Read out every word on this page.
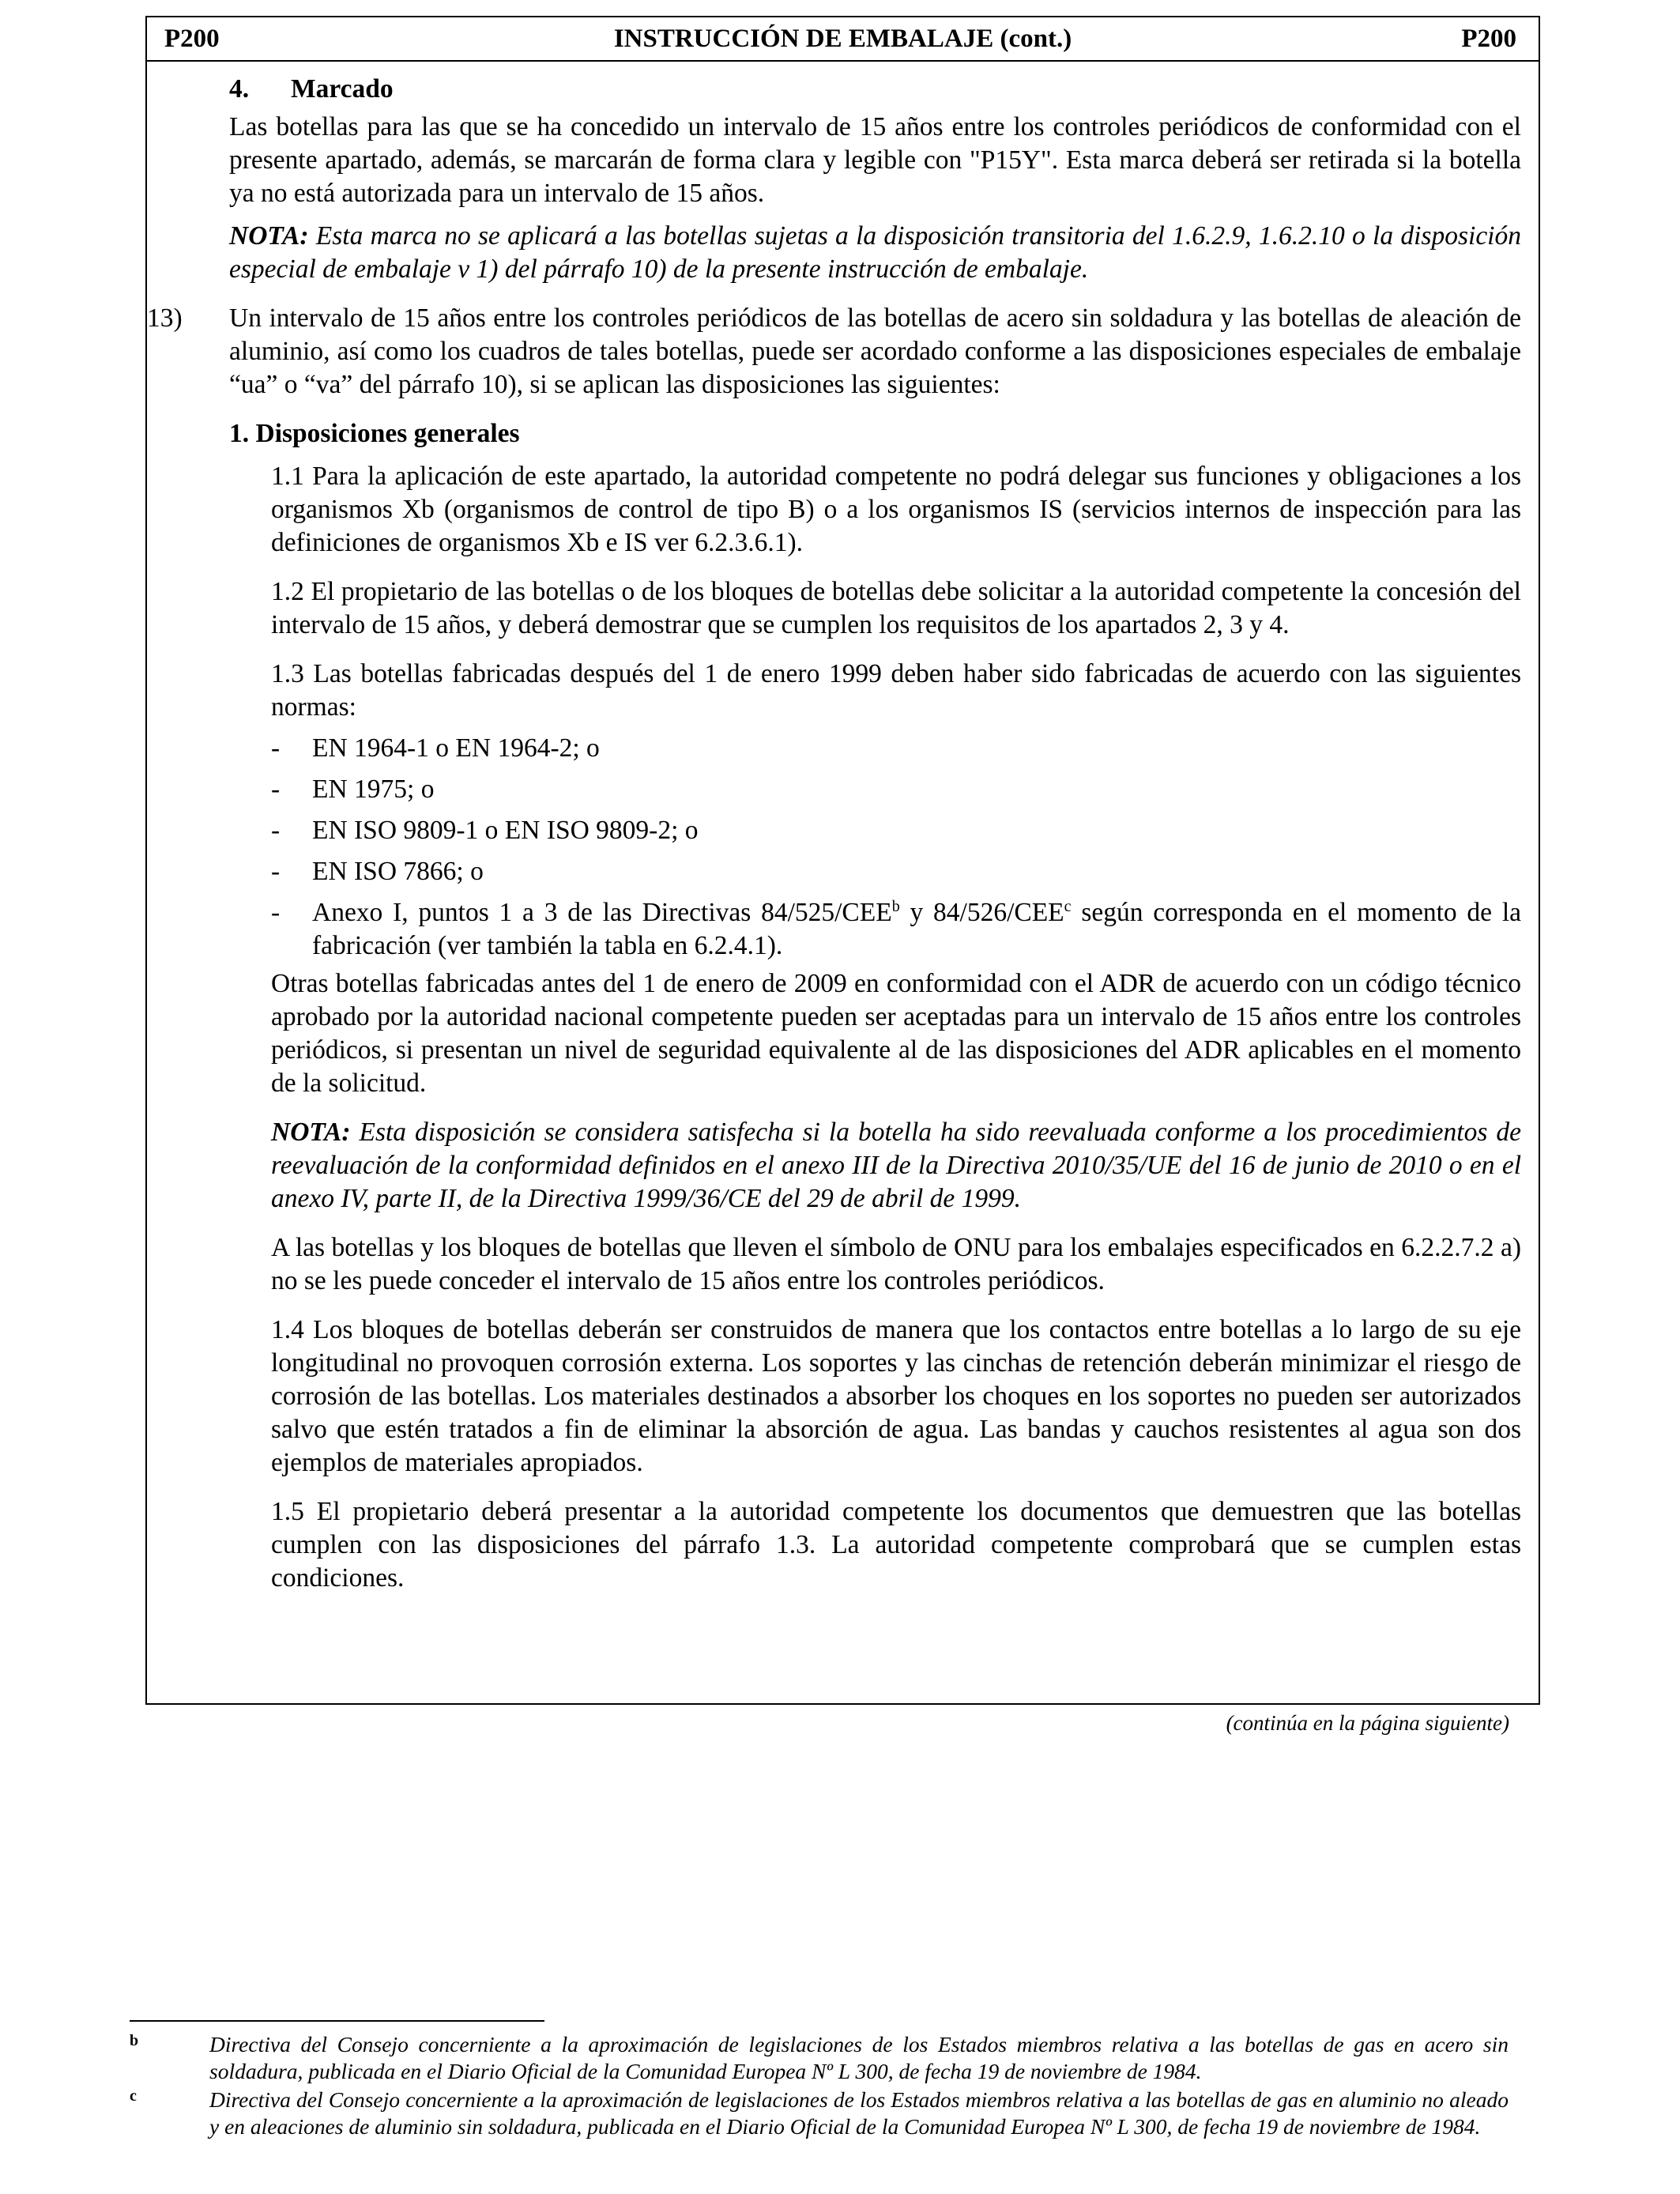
P200	INSTRUCCIÓN DE EMBALAJE (cont.)	P200

4. Marcado

Las botellas para las que se ha concedido un intervalo de 15 años entre los controles periódicos de conformidad con el presente apartado, además, se marcarán de forma clara y legible con "P15Y". Esta marca deberá ser retirada si la botella ya no está autorizada para un intervalo de 15 años.

NOTA: Esta marca no se aplicará a las botellas sujetas a la disposición transitoria del 1.6.2.9, 1.6.2.10 o la disposición especial de embalaje v 1) del párrafo 10) de la presente instrucción de embalaje.

13) Un intervalo de 15 años entre los controles periódicos de las botellas de acero sin soldadura y las botellas de aleación de aluminio, así como los cuadros de tales botellas, puede ser acordado conforme a las disposiciones especiales de embalaje “ua” o “va” del párrafo 10), si se aplican las disposiciones las siguientes:

1. Disposiciones generales

1.1 Para la aplicación de este apartado, la autoridad competente no podrá delegar sus funciones y obligaciones a los organismos Xb (organismos de control de tipo B) o a los organismos IS (servicios internos de inspección para las definiciones de organismos Xb e IS ver 6.2.3.6.1).

1.2 El propietario de las botellas o de los bloques de botellas debe solicitar a la autoridad competente la concesión del intervalo de 15 años, y deberá demostrar que se cumplen los requisitos de los apartados 2, 3 y 4.

1.3 Las botellas fabricadas después del 1 de enero 1999 deben haber sido fabricadas de acuerdo con las siguientes normas:

- EN 1964-1 o EN 1964-2; o
- EN 1975; o
- EN ISO 9809-1 o EN ISO 9809-2; o
- EN ISO 7866; o
- Anexo I, puntos 1 a 3 de las Directivas 84/525/CEE$^b$ y 84/526/CEE$^c$ según corresponda en el momento de la fabricación (ver también la tabla en 6.2.4.1).

Otras botellas fabricadas antes del 1 de enero de 2009 en conformidad con el ADR de acuerdo con un código técnico aprobado por la autoridad nacional competente pueden ser aceptadas para un intervalo de 15 años entre los controles periódicos, si presentan un nivel de seguridad equivalente al de las disposiciones del ADR aplicables en el momento de la solicitud.

NOTA: Esta disposición se considera satisfecha si la botella ha sido reevaluada conforme a los procedimientos de reevaluación de la conformidad definidos en el anexo III de la Directiva 2010/35/UE del 16 de junio de 2010 o en el anexo IV, parte II, de la Directiva 1999/36/CE del 29 de abril de 1999.

A las botellas y los bloques de botellas que lleven el símbolo de ONU para los embalajes especificados en 6.2.2.7.2 a) no se les puede conceder el intervalo de 15 años entre los controles periódicos.

1.4 Los bloques de botellas deberán ser construidos de manera que los contactos entre botellas a lo largo de su eje longitudinal no provoquen corrosión externa. Los soportes y las cinchas de retención deberán minimizar el riesgo de corrosión de las botellas. Los materiales destinados a absorber los choques en los soportes no pueden ser autorizados salvo que estén tratados a fin de eliminar la absorción de agua. Las bandas y cauchos resistentes al agua son dos ejemplos de materiales apropiados.

1.5 El propietario deberá presentar a la autoridad competente los documentos que demuestren que las botellas cumplen con las disposiciones del párrafo 1.3. La autoridad competente comprobará que se cumplen estas condiciones.

(continúa en la página siguiente)
b	Directiva del Consejo concerniente a la aproximación de legislaciones de los Estados miembros relativa a las botellas de gas en acero sin soldadura, publicada en el Diario Oficial de la Comunidad Europea Nº L 300, de fecha 19 de noviembre de 1984.
c	Directiva del Consejo concerniente a la aproximación de legislaciones de los Estados miembros relativa a las botellas de gas en aluminio no aleado y en aleaciones de aluminio sin soldadura, publicada en el Diario Oficial de la Comunidad Europea Nº L 300, de fecha 19 de noviembre de 1984.
